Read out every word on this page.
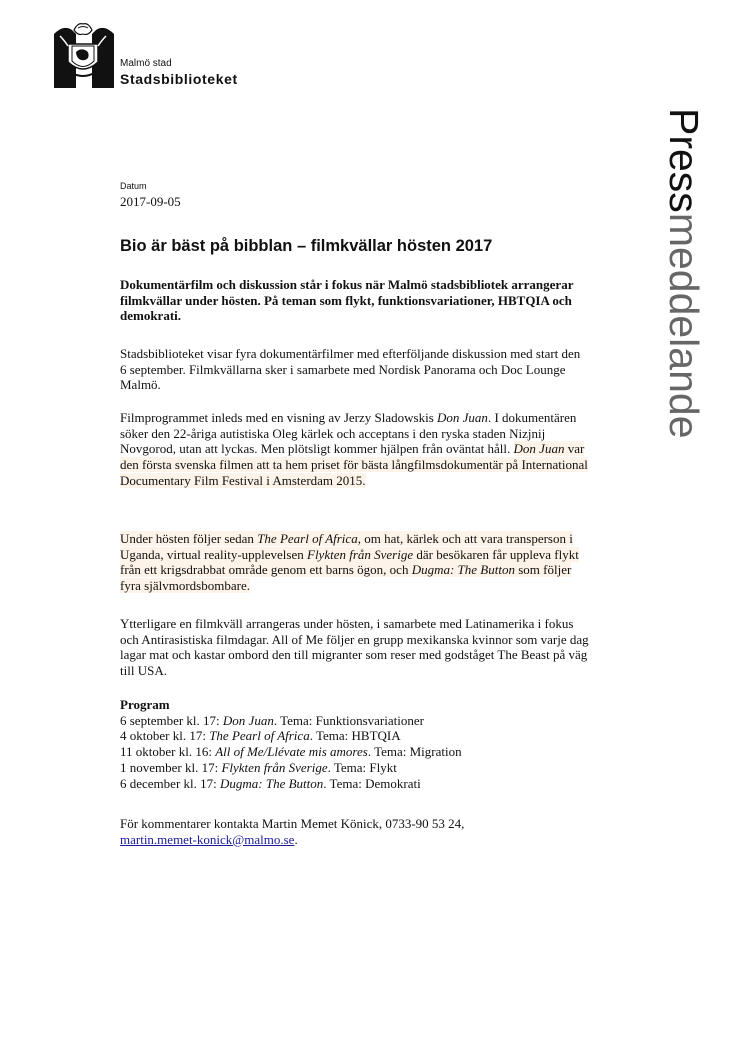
Malmö stad
Stadsbiblioteket
Pressmeddelande
Datum
2017-09-05
Bio är bäst på bibblan – filmkvällar hösten 2017
Dokumentärfilm och diskussion står i fokus när Malmö stadsbibliotek arrangerar filmkvällar under hösten. På teman som flykt, funktionsvariationer, HBTQIA och demokrati.
Stadsbiblioteket visar fyra dokumentärfilmer med efterföljande diskussion med start den 6 september. Filmkvällarna sker i samarbete med Nordisk Panorama och Doc Lounge Malmö.
Filmprogrammet inleds med en visning av Jerzy Sladowskis Don Juan. I dokumentären söker den 22-åriga autistiska Oleg kärlek och acceptans i den ryska staden Nizjnij Novgorod, utan att lyckas. Men plötsligt kommer hjälpen från oväntat håll. Don Juan var den första svenska filmen att ta hem priset för bästa långfilmsdokumentär på International Documentary Film Festival i Amsterdam 2015.
Under hösten följer sedan The Pearl of Africa, om hat, kärlek och att vara transperson i Uganda, virtual reality-upplevelsen Flykten från Sverige där besökaren får uppleva flykt från ett krigsdrabbat område genom ett barns ögon, och Dugma: The Button som följer fyra självmordsbombare.
Ytterligare en filmkväll arrangeras under hösten, i samarbete med Latinamerika i fokus och Antirasistiska filmdagar. All of Me följer en grupp mexikanska kvinnor som varje dag lagar mat och kastar ombord den till migranter som reser med godståget The Beast på väg till USA.
Program
6 september kl. 17: Don Juan. Tema: Funktionsvariationer
4 oktober kl. 17: The Pearl of Africa. Tema: HBTQIA
11 oktober kl. 16: All of Me/Llévate mis amores. Tema: Migration
1 november kl. 17: Flykten från Sverige. Tema: Flykt
6 december kl. 17: Dugma: The Button. Tema: Demokrati
För kommentarer kontakta Martin Memet Könick, 0733-90 53 24,
martin.memet-konick@malmo.se.
